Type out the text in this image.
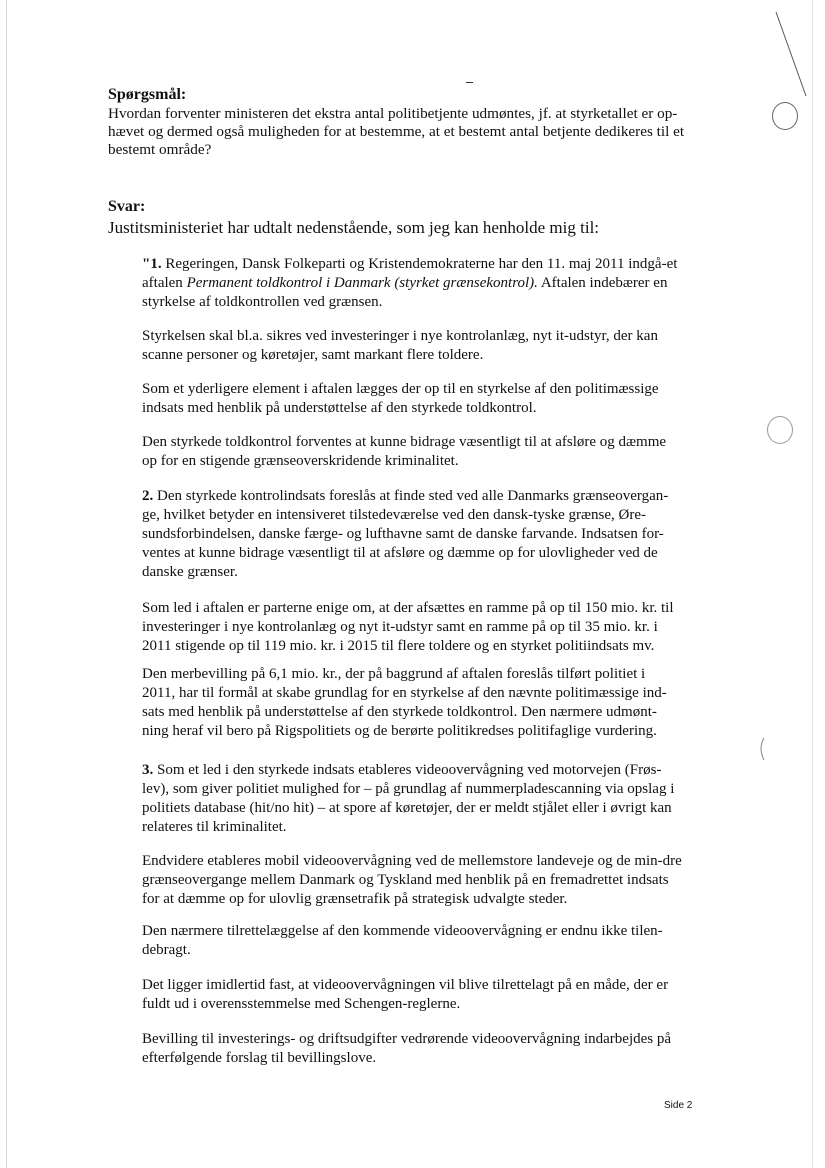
Spørgsmål:
Hvordan forventer ministeren det ekstra antal politibetjente udmøntes, jf. at styrketallet er op-hævet og dermed også muligheden for at bestemme, at et bestemt antal betjente dedikeres til et bestemt område?
Svar:
Justitsministeriet har udtalt nedenstående, som jeg kan henholde mig til:
"1. Regeringen, Dansk Folkeparti og Kristendemokraterne har den 11. maj 2011 indgå-et aftalen Permanent toldkontrol i Danmark (styrket grænsekontrol). Aftalen indebærer en styrkelse af toldkontrollen ved grænsen.
Styrkelsen skal bl.a. sikres ved investeringer i nye kontrolanlæg, nyt it-udstyr, der kan scanne personer og køretøjer, samt markant flere toldere.
Som et yderligere element i aftalen lægges der op til en styrkelse af den politimæssige indsats med henblik på understøttelse af den styrkede toldkontrol.
Den styrkede toldkontrol forventes at kunne bidrage væsentligt til at afsløre og dæmme op for en stigende grænseoverskridende kriminalitet.
2. Den styrkede kontrolindsats foreslås at finde sted ved alle Danmarks grænseovergan-ge, hvilket betyder en intensiveret tilstedeværelse ved den dansk-tyske grænse, Øre-sundsforbindelsen, danske færge- og lufthavne samt de danske farvande. Indsatsen for-ventes at kunne bidrage væsentligt til at afsløre og dæmme op for ulovligheder ved de danske grænser.
Som led i aftalen er parterne enige om, at der afsættes en ramme på op til 150 mio. kr. til investeringer i nye kontrolanlæg og nyt it-udstyr samt en ramme på op til 35 mio. kr. i 2011 stigende op til 119 mio. kr. i 2015 til flere toldere og en styrket politiindsats mv.
Den merbevilling på 6,1 mio. kr., der på baggrund af aftalen foreslås tilført politiet i 2011, har til formål at skabe grundlag for en styrkelse af den nævnte politimæssige ind-sats med henblik på understøttelse af den styrkede toldkontrol. Den nærmere udmønt-ning heraf vil bero på Rigspolitiets og de berørte politikredses politifaglige vurdering.
3. Som et led i den styrkede indsats etableres videoovervågning ved motorvejen (Frøs-lev), som giver politiet mulighed for – på grundlag af nummerpladescanning via opslag i politiets database (hit/no hit) – at spore af køretøjer, der er meldt stjålet eller i øvrigt kan relateres til kriminalitet.
Endvidere etableres mobil videoovervågning ved de mellemstore landeveje og de min-dre grænseovergange mellem Danmark og Tyskland med henblik på en fremadrettet indsats for at dæmme op for ulovlig grænsetrafik på strategisk udvalgte steder.
Den nærmere tilrettelæggelse af den kommende videoovervågning er endnu ikke tilen-debragt.
Det ligger imidlertid fast, at videoovervågningen vil blive tilrettelagt på en måde, der er fuldt ud i overensstemmelse med Schengen-reglerne.
Bevilling til investerings- og driftsudgifter vedrørende videoovervågning indarbejdes på efterfølgende forslag til bevillingslove.
Side 2
